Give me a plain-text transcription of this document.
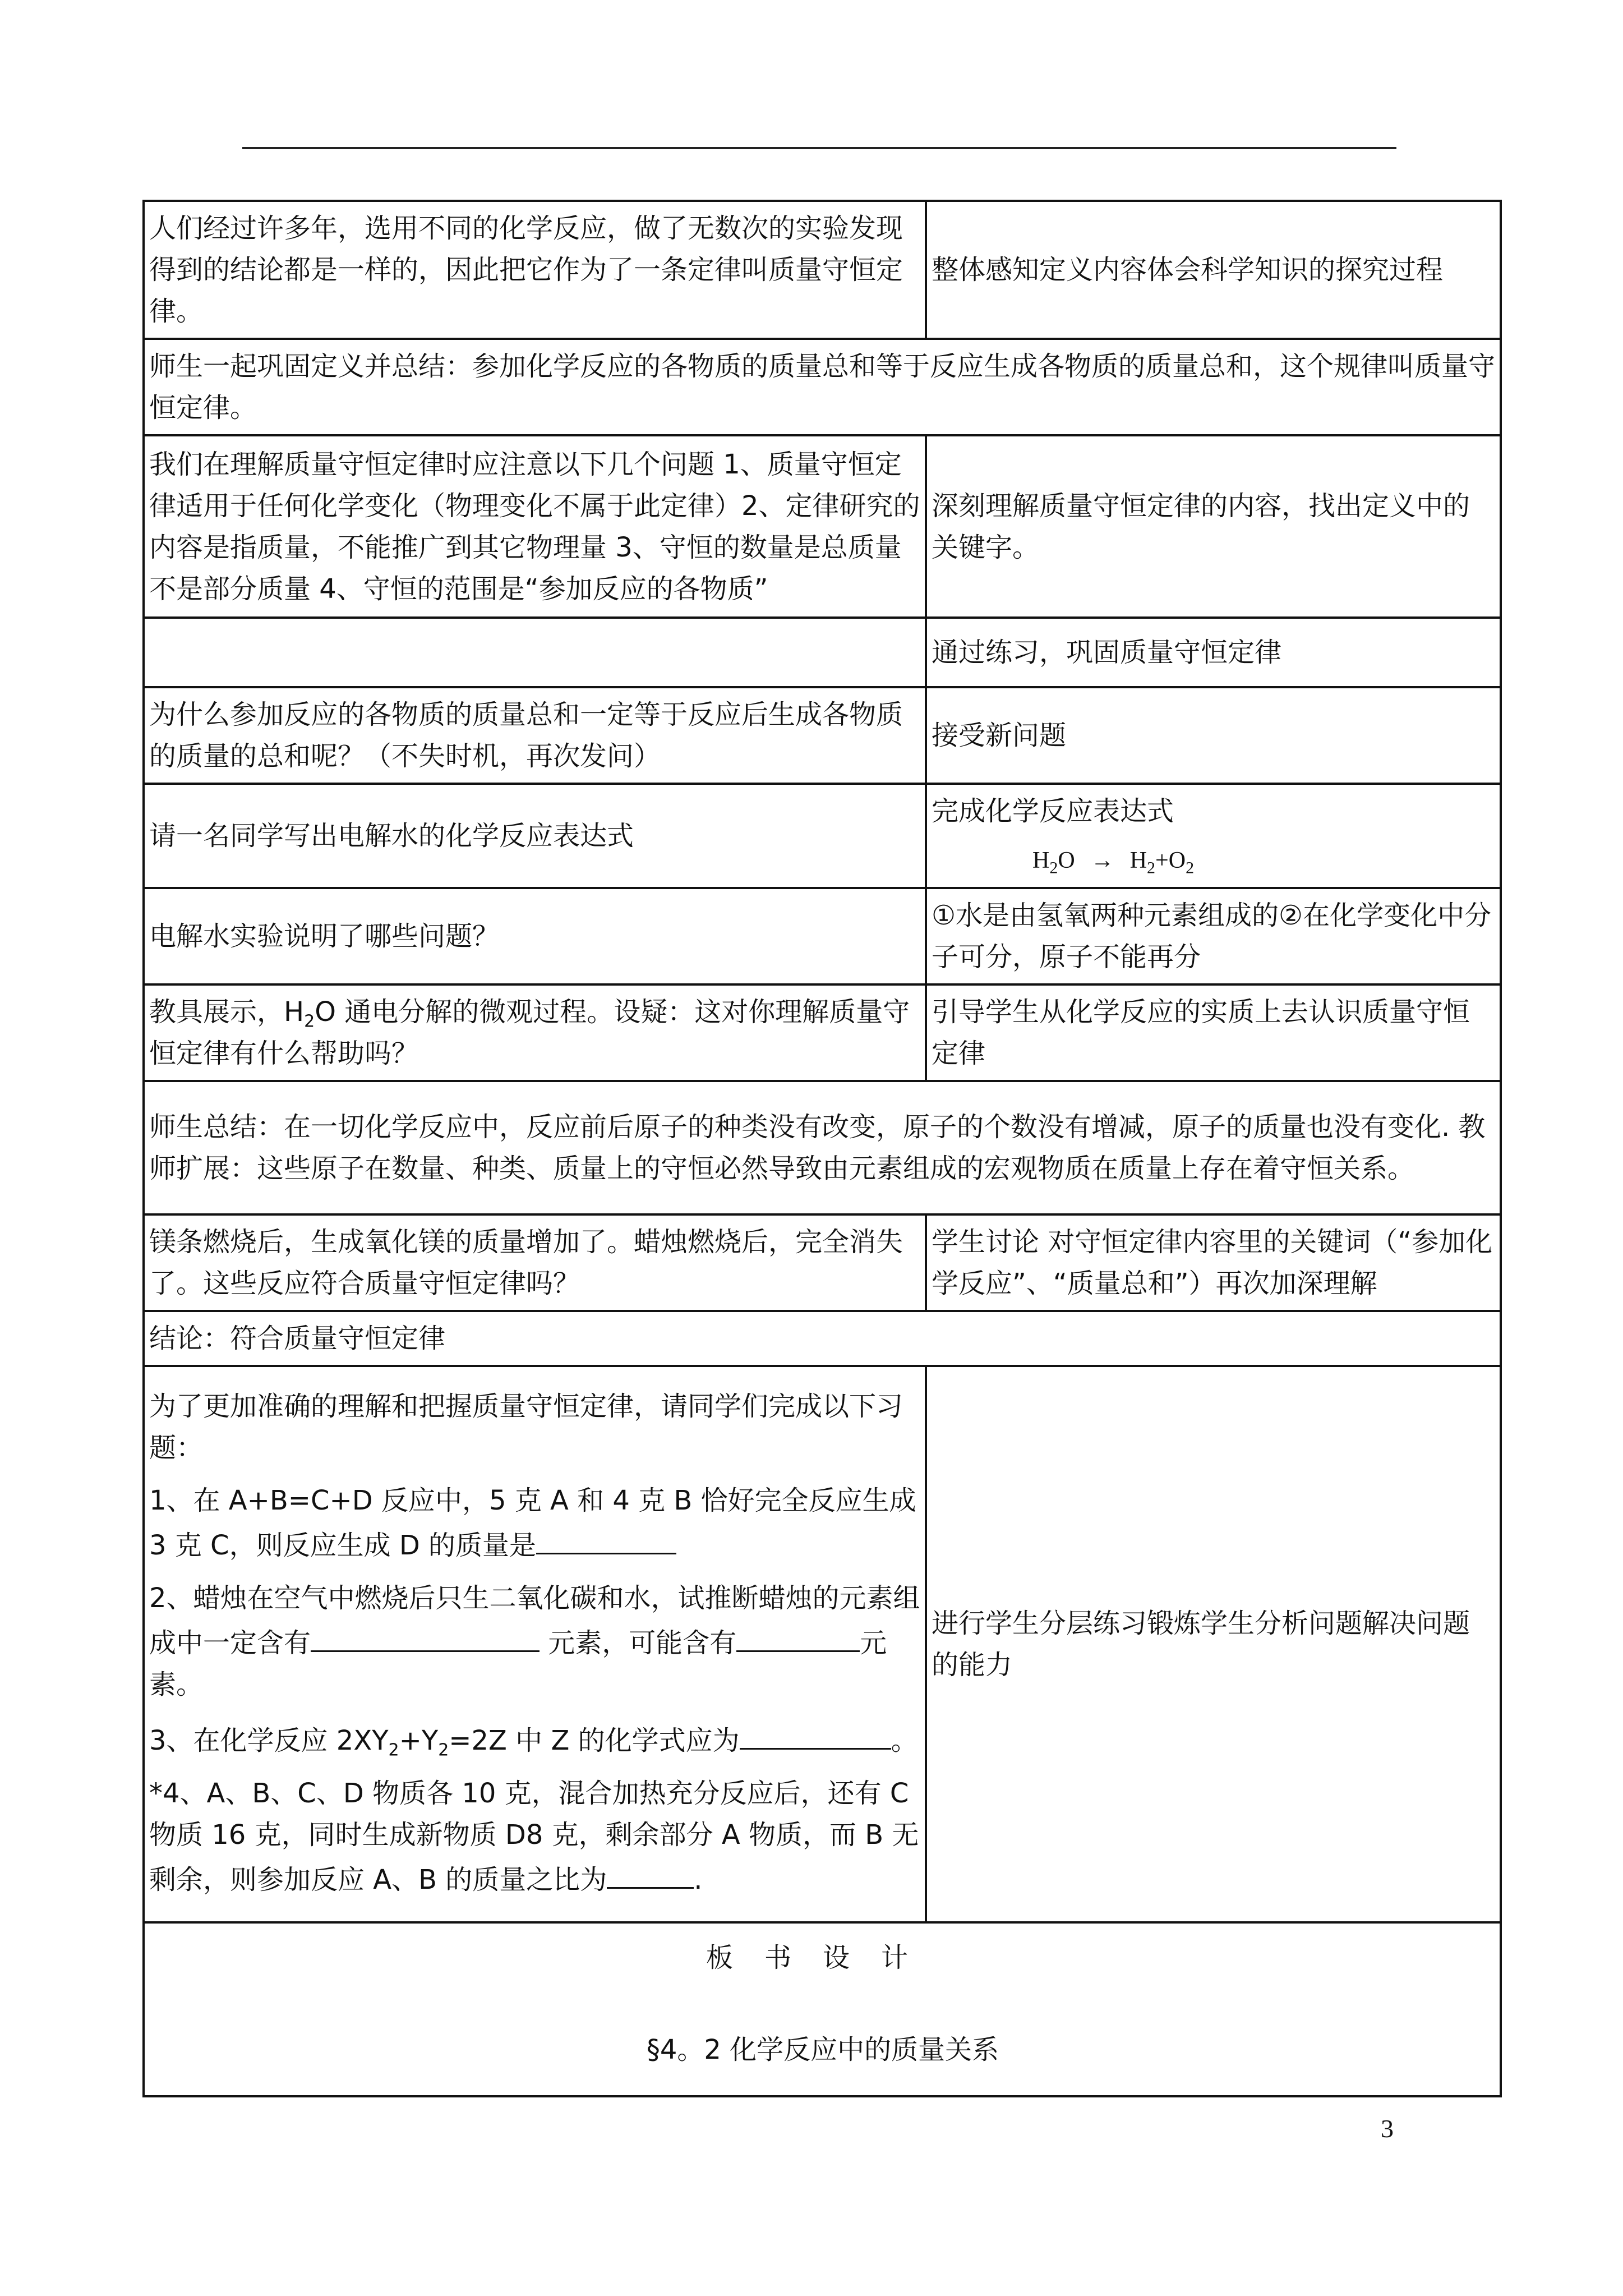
人们经过许多年，选用不同的化学反应，做了无数次的实验发现得到的结论都是一样的，因此把它作为了一条定律叫质量守恒定律。	整体感知定义内容体会科学知识的探究过程
师生一起巩固定义并总结：参加化学反应的各物质的质量总和等于反应生成各物质的质量总和，这个规律叫质量守恒定律。	
我们在理解质量守恒定律时应注意以下几个问题 1、质量守恒定律适用于任何化学变化（物理变化不属于此定律）2、定律研究的内容是指质量，不能推广到其它物理量 3、守恒的数量是总质量不是部分质量 4、守恒的范围是“参加反应的各物质”	深刻理解质量守恒定律的内容，找出定义中的关键字。
	通过练习，巩固质量守恒定律
为什么参加反应的各物质的质量总和一定等于反应后生成各物质的质量的总和呢？（不失时机，再次发问）	接受新问题
请一名同学写出电解水的化学反应表达式	完成化学反应表达式
$H_2O \to H_2+O_2$

电解水实验说明了哪些问题？	①水是由氢氧两种元素组成的②在化学变化中分子可分，原子不能再分
教具展示，$H_2O$ 通电分解的微观过程。设疑：这对你理解质量守恒定律有什么帮助吗？	引导学生从化学反应的实质上去认识质量守恒定律
师生总结：在一切化学反应中，反应前后原子的种类没有改变，原子的个数没有增减，原子的质量也没有变化. 教师扩展：这些原子在数量、种类、质量上的守恒必然导致由元素组成的宏观物质在质量上存在着守恒关系。	
镁条燃烧后，生成氧化镁的质量增加了。蜡烛燃烧后，完全消失了。这些反应符合质量守恒定律吗？	学生讨论 对守恒定律内容里的关键词（“参加化学反应”、“质量总和”）再次加深理解
结论：符合质量守恒定律	

为了更加准确的理解和把握质量守恒定律，请同学们完成以下习题：

1、在 A+B=C+D 反应中，5 克 A 和 4 克 B 恰好完全反应生成 3 克 C，则反应生成 D 的质量是

2、蜡烛在空气中燃烧后只生二氧化碳和水，试推断蜡烛的元素组成中一定含有 元素，可能含有 元素。

3、在化学反应 $2XY_2+Y_2=2Z$ 中 Z 的化学式应为 。

*4、A、B、C、D 物质各 10 克，混合加热充分反应后，还有 C 物质 16 克，同时生成新物质 D8 克，剩余部分 A 物质，而 B 无剩余，则参加反应 A、B 的质量之比为 .	进行学生分层练习锻炼学生分析问题解决问题的能力

板书设计
§4。2 化学反应中的质量关系	
3
